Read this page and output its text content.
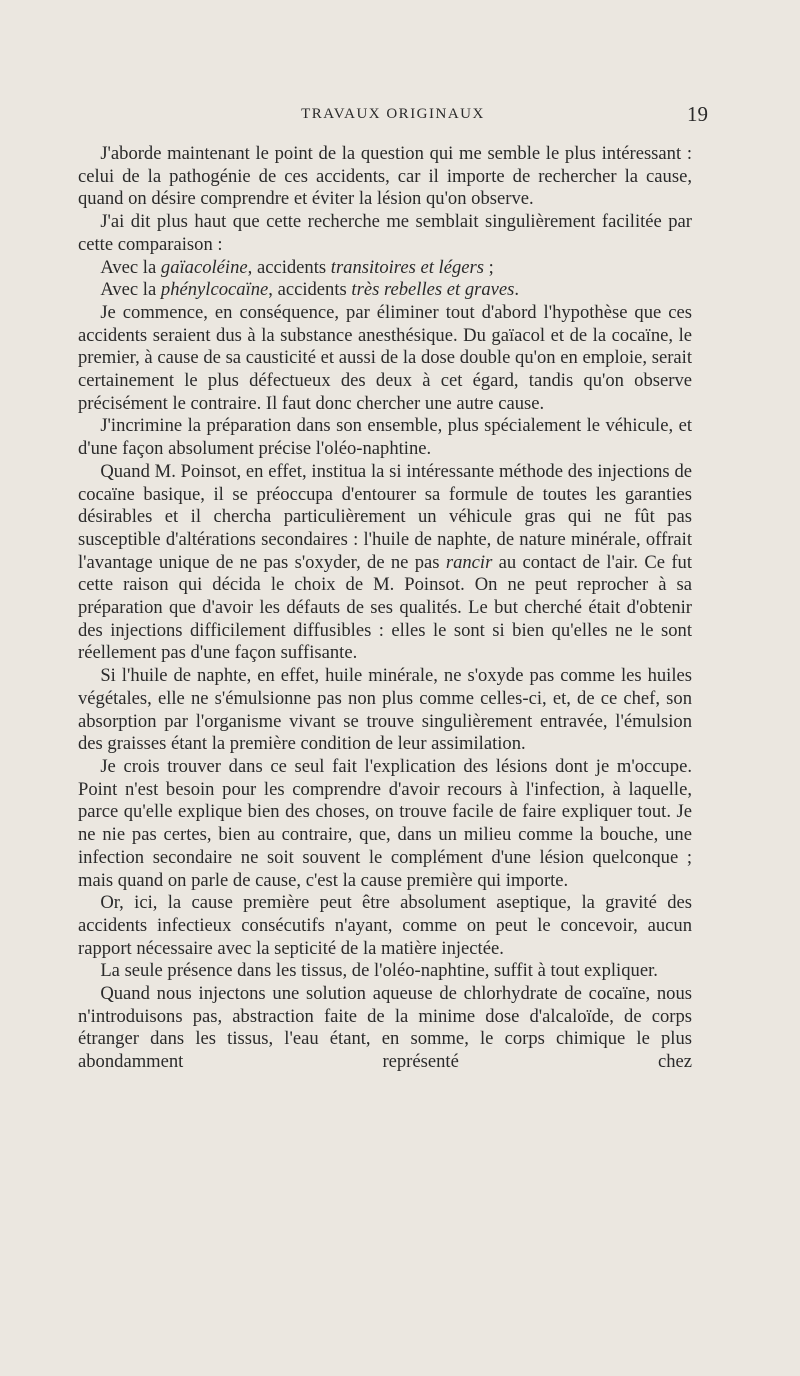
TRAVAUX ORIGINAUX	19

J'aborde maintenant le point de la question qui me semble le plus intéressant : celui de la pathogénie de ces accidents, car il importe de rechercher la cause, quand on désire comprendre et éviter la lésion qu'on observe.

J'ai dit plus haut que cette recherche me semblait singulièrement facilitée par cette comparaison :

Avec la gaïacoléine, accidents transitoires et légers ;

Avec la phénylcocaïne, accidents très rebelles et graves.

Je commence, en conséquence, par éliminer tout d'abord l'hypothèse que ces accidents seraient dus à la substance anesthésique. Du gaïacol et de la cocaïne, le premier, à cause de sa causticité et aussi de la dose double qu'on en emploie, serait certainement le plus défectueux des deux à cet égard, tandis qu'on observe précisément le contraire. Il faut donc chercher une autre cause.

J'incrimine la préparation dans son ensemble, plus spécialement le véhicule, et d'une façon absolument précise l'oléo-naphtine.

Quand M. Poinsot, en effet, institua la si intéressante méthode des injections de cocaïne basique, il se préoccupa d'entourer sa formule de toutes les garanties désirables et il chercha particulièrement un véhicule gras qui ne fût pas susceptible d'altérations secondaires : l'huile de naphte, de nature minérale, offrait l'avantage unique de ne pas s'oxyder, de ne pas rancir au contact de l'air. Ce fut cette raison qui décida le choix de M. Poinsot. On ne peut reprocher à sa préparation que d'avoir les défauts de ses qualités. Le but cherché était d'obtenir des injections difficilement diffusibles : elles le sont si bien qu'elles ne le sont réellement pas d'une façon suffisante.

Si l'huile de naphte, en effet, huile minérale, ne s'oxyde pas comme les huiles végétales, elle ne s'émulsionne pas non plus comme celles-ci, et, de ce chef, son absorption par l'organisme vivant se trouve singulièrement entravée, l'émulsion des graisses étant la première condition de leur assimilation.

Je crois trouver dans ce seul fait l'explication des lésions dont je m'occupe. Point n'est besoin pour les comprendre d'avoir recours à l'infection, à laquelle, parce qu'elle explique bien des choses, on trouve facile de faire expliquer tout. Je ne nie pas certes, bien au contraire, que, dans un milieu comme la bouche, une infection secondaire ne soit souvent le complément d'une lésion quelconque ; mais quand on parle de cause, c'est la cause première qui importe.

Or, ici, la cause première peut être absolument aseptique, la gravité des accidents infectieux consécutifs n'ayant, comme on peut le concevoir, aucun rapport nécessaire avec la septicité de la matière injectée.

La seule présence dans les tissus, de l'oléo-naphtine, suffit à tout expliquer.

Quand nous injectons une solution aqueuse de chlorhydrate de cocaïne, nous n'introduisons pas, abstraction faite de la minime dose d'alcaloïde, de corps étranger dans les tissus, l'eau étant, en somme, le corps chimique le plus abondamment représenté chez
